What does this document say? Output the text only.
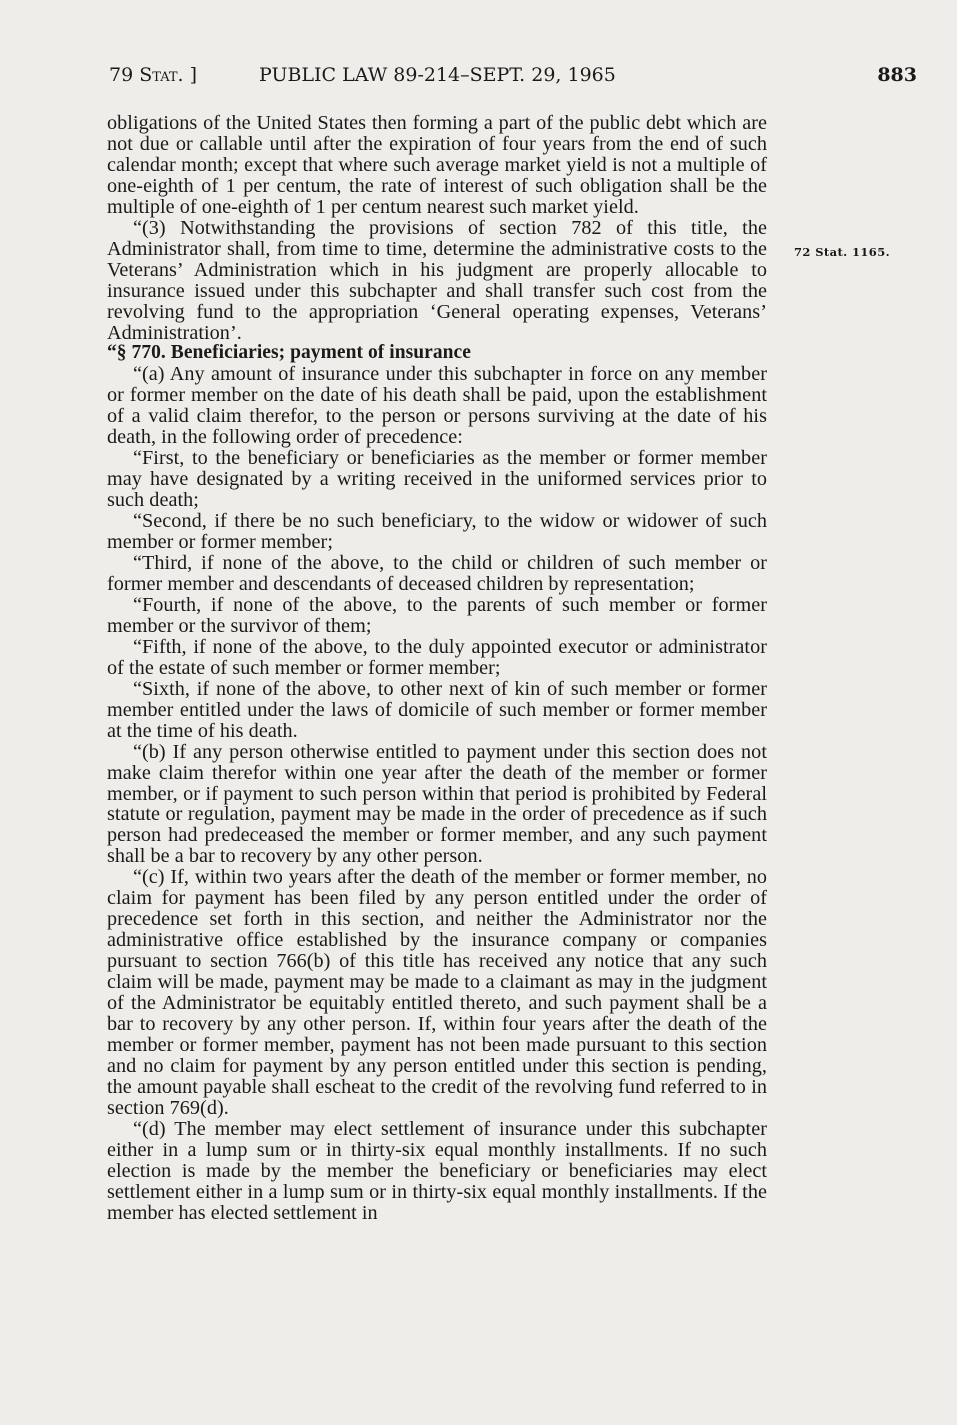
79 Stat. ]	PUBLIC LAW 89-214–SEPT. 29, 1965	883
72 Stat. 1165.

obligations of the United States then forming a part of the public debt which are not due or callable until after the expiration of four years from the end of such calendar month; except that where such average market yield is not a multiple of one-eighth of 1 per centum, the rate of interest of such obligation shall be the multiple of one-eighth of 1 per centum nearest such market yield.

“(3) Notwithstanding the provisions of section 782 of this title, the Administrator shall, from time to time, determine the administrative costs to the Veterans’ Administration which in his judgment are properly allocable to insurance issued under this subchapter and shall transfer such cost from the revolving fund to the appropriation ‘General operating expenses, Veterans’ Administration’.

“§ 770. Beneficiaries; payment of insurance

“(a) Any amount of insurance under this subchapter in force on any member or former member on the date of his death shall be paid, upon the establishment of a valid claim therefor, to the person or persons surviving at the date of his death, in the following order of precedence:

“First, to the beneficiary or beneficiaries as the member or former member may have designated by a writing received in the uniformed services prior to such death;

“Second, if there be no such beneficiary, to the widow or widower of such member or former member;

“Third, if none of the above, to the child or children of such member or former member and descendants of deceased children by representation;

“Fourth, if none of the above, to the parents of such member or former member or the survivor of them;

“Fifth, if none of the above, to the duly appointed executor or administrator of the estate of such member or former member;

“Sixth, if none of the above, to other next of kin of such member or former member entitled under the laws of domicile of such member or former member at the time of his death.

“(b) If any person otherwise entitled to payment under this section does not make claim therefor within one year after the death of the member or former member, or if payment to such person within that period is prohibited by Federal statute or regulation, payment may be made in the order of precedence as if such person had predeceased the member or former member, and any such payment shall be a bar to recovery by any other person.

“(c) If, within two years after the death of the member or former member, no claim for payment has been filed by any person entitled under the order of precedence set forth in this section, and neither the Administrator nor the administrative office established by the insurance company or companies pursuant to section 766(b) of this title has received any notice that any such claim will be made, payment may be made to a claimant as may in the judgment of the Administrator be equitably entitled thereto, and such payment shall be a bar to recovery by any other person. If, within four years after the death of the member or former member, payment has not been made pursuant to this section and no claim for payment by any person entitled under this section is pending, the amount payable shall escheat to the credit of the revolving fund referred to in section 769(d).

“(d) The member may elect settlement of insurance under this subchapter either in a lump sum or in thirty-six equal monthly installments. If no such election is made by the member the beneficiary or beneficiaries may elect settlement either in a lump sum or in thirty-six equal monthly installments. If the member has elected settlement in
